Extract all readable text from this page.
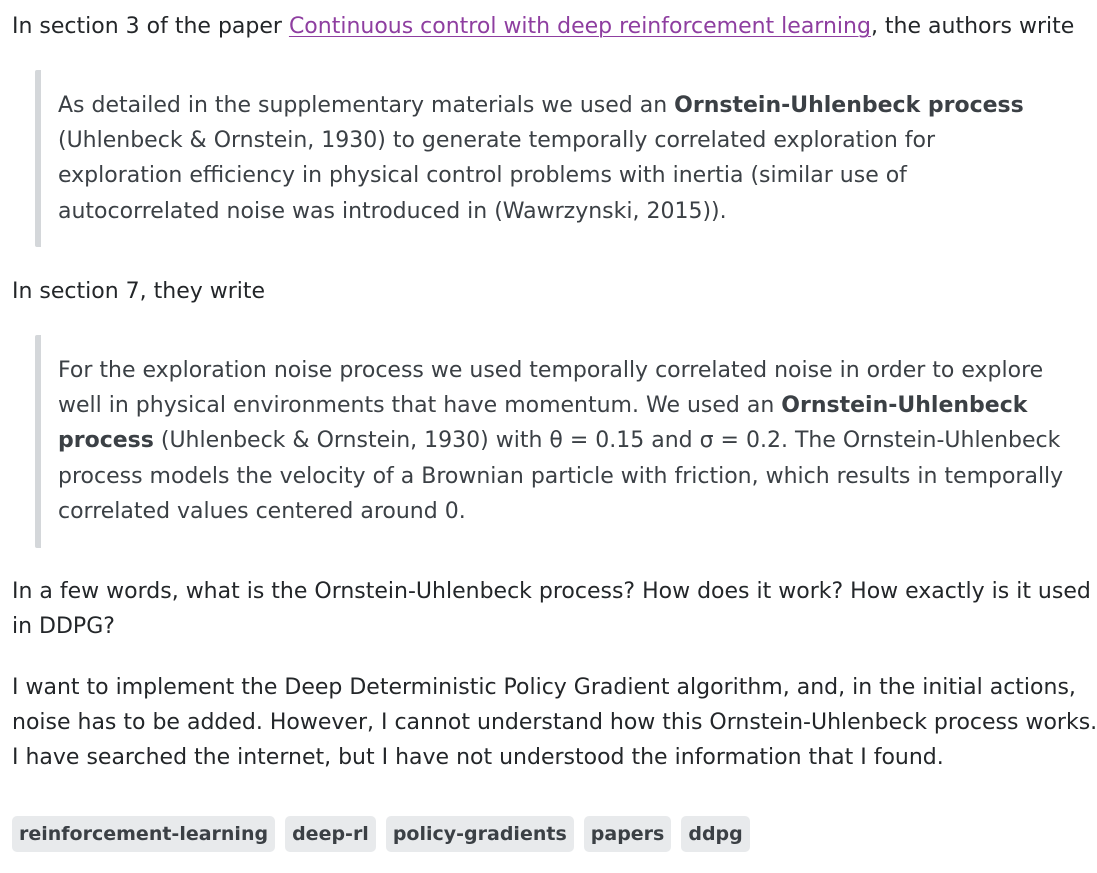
In section 3 of the paper Continuous control with deep reinforcement learning, the authors write

As detailed in the supplementary materials we used an Ornstein-Uhlenbeck process
(Uhlenbeck & Ornstein, 1930) to generate temporally correlated exploration for
exploration efficiency in physical control problems with inertia (similar use of
autocorrelated noise was introduced in (Wawrzynski, 2015)).

In section 7, they write

For the exploration noise process we used temporally correlated noise in order to explore
well in physical environments that have momentum. We used an Ornstein-Uhlenbeck
process (Uhlenbeck & Ornstein, 1930) with θ = 0.15 and σ = 0.2. The Ornstein-Uhlenbeck
process models the velocity of a Brownian particle with friction, which results in temporally
correlated values centered around 0.

In a few words, what is the Ornstein-Uhlenbeck process? How does it work? How exactly is it used
in DDPG?

I want to implement the Deep Deterministic Policy Gradient algorithm, and, in the initial actions,
noise has to be added. However, I cannot understand how this Ornstein-Uhlenbeck process works.
I have searched the internet, but I have not understood the information that I found.

reinforcement-learning	deep-rl	policy-gradients	papers	ddpg
